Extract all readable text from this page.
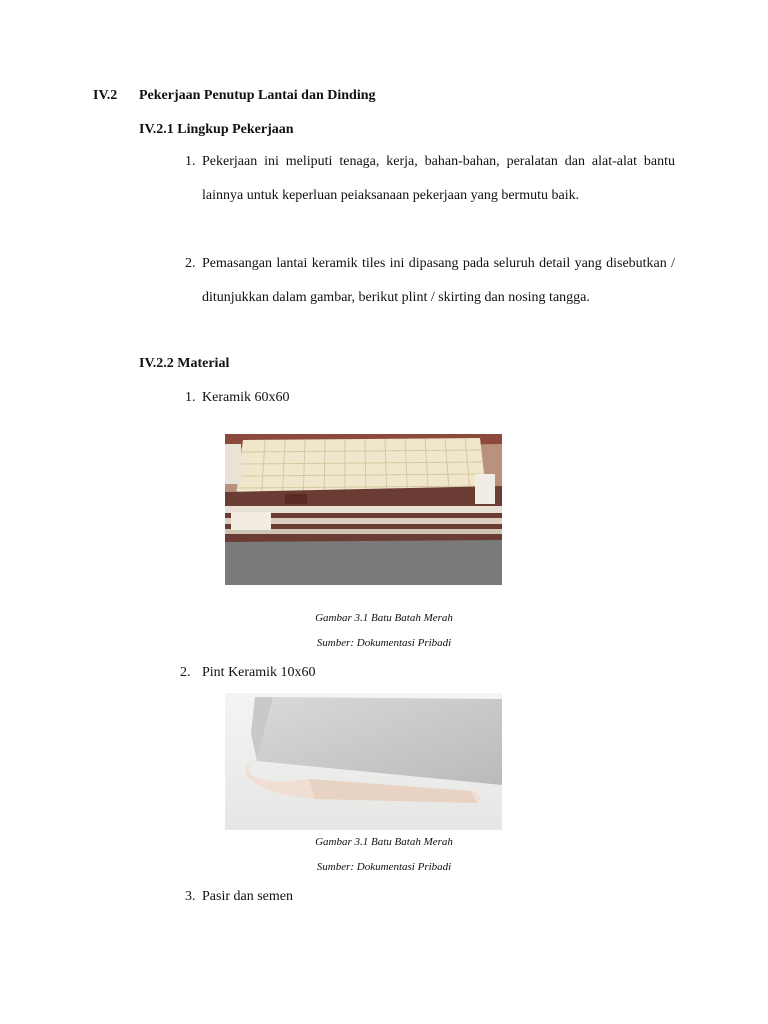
IV.2 Pekerjaan Penutup Lantai dan Dinding
IV.2.1 Lingkup Pekerjaan
1. Pekerjaan ini meliputi tenaga, kerja, bahan-bahan, peralatan dan alat-alat bantu lainnya untuk keperluan peiaksanaan pekerjaan yang bermutu baik.
2. Pemasangan lantai keramik tiles ini dipasang pada seluruh detail yang disebutkan / ditunjukkan dalam gambar, berikut plint / skirting dan nosing tangga.
IV.2.2 Material
1. Keramik 60x60
Gambar 3.1 Batu Batah Merah
Sumber: Dokumentasi Pribadi
2. Pint Keramik 10x60
Gambar 3.1 Batu Batah Merah
Sumber: Dokumentasi Pribadi
3. Pasir dan semen
